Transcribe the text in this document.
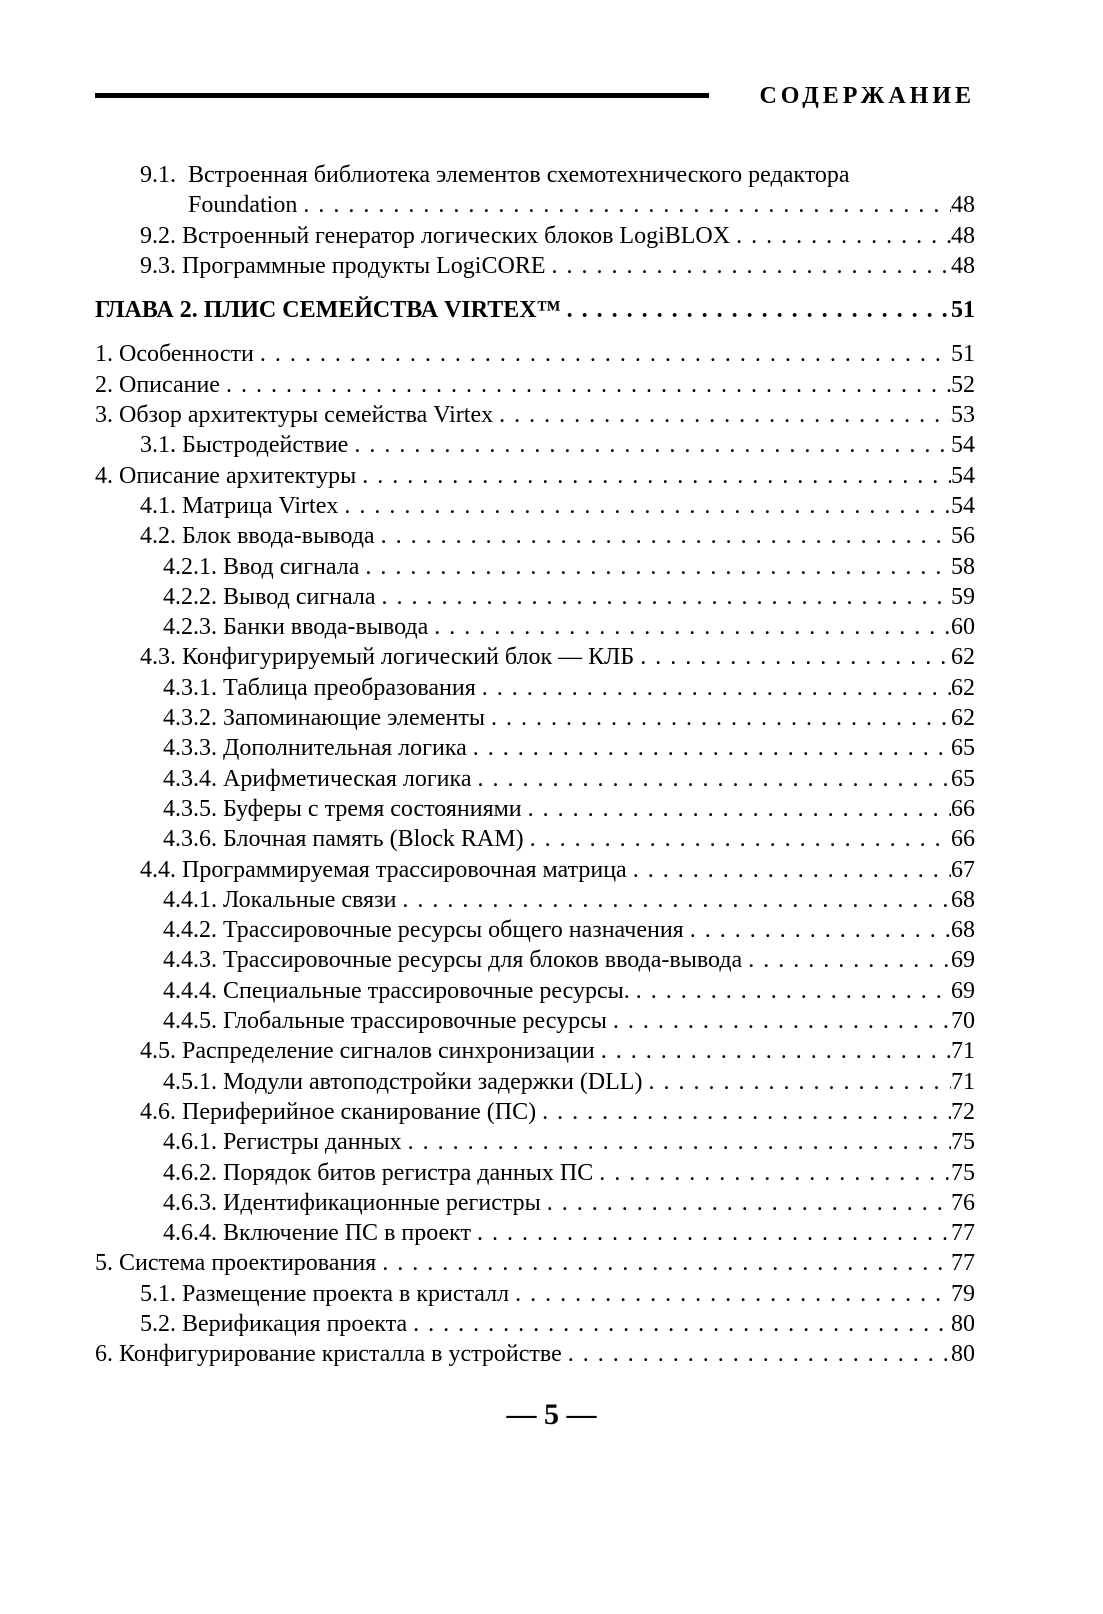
СОДЕРЖАНИЕ
9.1. Встроенная библиотека элементов схемотехнического редактора
Foundation . . .	48
9.2. Встроенный генератор логических блоков LogiBLOX . . .	48
9.3. Программные продукты LogiCORE . . .	48
ГЛАВА 2. ПЛИС СЕМЕЙСТВА VIRTEX™ . . .	51
1. Особенности . . .	51
2. Описание . . .	52
3. Обзор архитектуры семейства Virtex . . .	53
3.1. Быстродействие . . .	54
4. Описание архитектуры . . .	54
4.1. Матрица Virtex . . .	54
4.2. Блок ввода-вывода . . .	56
4.2.1. Ввод сигнала . . .	58
4.2.2. Вывод сигнала . . .	59
4.2.3. Банки ввода-вывода . . .	60
4.3. Конфигурируемый логический блок — КЛБ . . .	62
4.3.1. Таблица преобразования . . .	62
4.3.2. Запоминающие элементы . . .	62
4.3.3. Дополнительная логика . . .	65
4.3.4. Арифметическая логика . . .	65
4.3.5. Буферы с тремя состояниями . . .	66
4.3.6. Блочная память (Block RAM) . . .	66
4.4. Программируемая трассировочная матрица . . .	67
4.4.1. Локальные связи . . .	68
4.4.2. Трассировочные ресурсы общего назначения . . .	68
4.4.3. Трассировочные ресурсы для блоков ввода-вывода . . .	69
4.4.4. Специальные трассировочные ресурсы. . . .	69
4.4.5. Глобальные трассировочные ресурсы . . .	70
4.5. Распределение сигналов синхронизации . . .	71
4.5.1. Модули автоподстройки задержки (DLL) . . .	71
4.6. Периферийное сканирование (ПС) . . .	72
4.6.1. Регистры данных . . .	75
4.6.2. Порядок битов регистра данных ПС . . .	75
4.6.3. Идентификационные регистры . . .	76
4.6.4. Включение ПС в проект . . .	77
5. Система проектирования . . .	77
5.1. Размещение проекта в кристалл . . .	79
5.2. Верификация проекта . . .	80
6. Конфигурирование кристалла в устройстве . . .	80
— 5 —
